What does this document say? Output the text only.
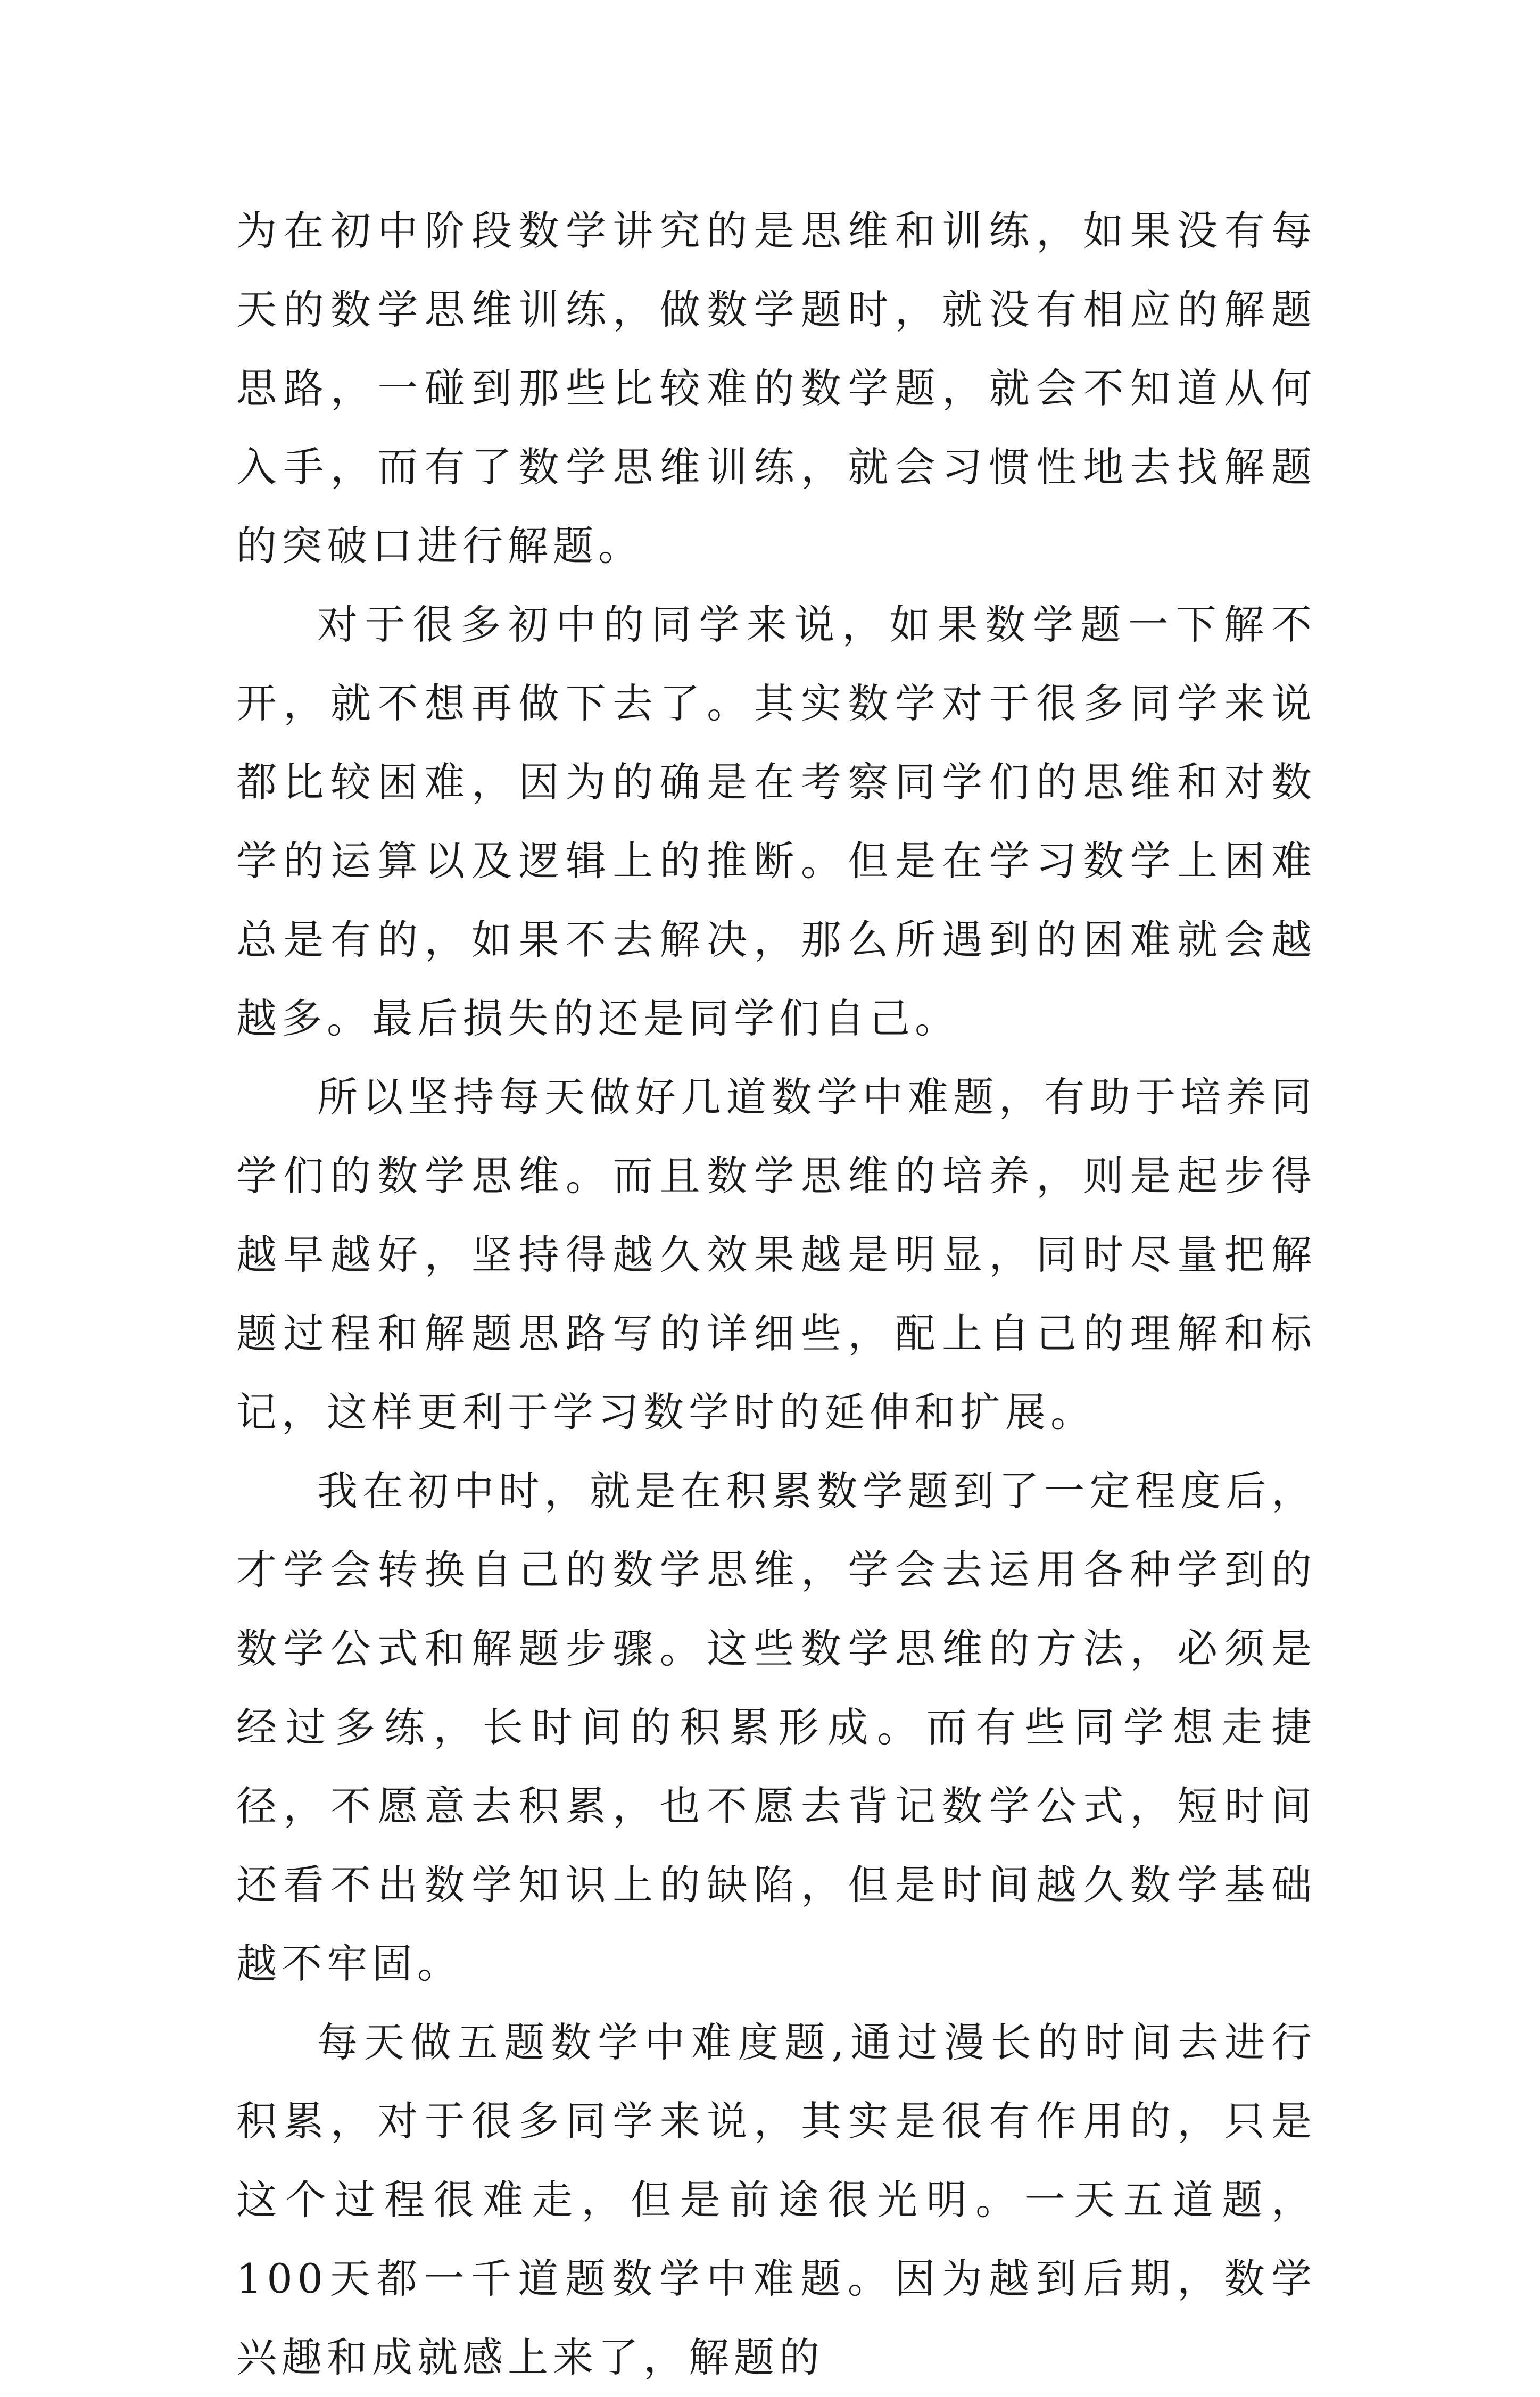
为在初中阶段数学讲究的是思维和训练，如果没有每天的数学思维训练，做数学题时，就没有相应的解题思路，一碰到那些比较难的数学题，就会不知道从何入手，而有了数学思维训练，就会习惯性地去找解题的突破口进行解题。

对于很多初中的同学来说，如果数学题一下解不开，就不想再做下去了。其实数学对于很多同学来说都比较困难，因为的确是在考察同学们的思维和对数学的运算以及逻辑上的推断。但是在学习数学上困难总是有的，如果不去解决，那么所遇到的困难就会越越多。最后损失的还是同学们自己。

所以坚持每天做好几道数学中难题，有助于培养同学们的数学思维。而且数学思维的培养，则是起步得越早越好，坚持得越久效果越是明显，同时尽量把解题过程和解题思路写的详细些，配上自己的理解和标记，这样更利于学习数学时的延伸和扩展。

我在初中时，就是在积累数学题到了一定程度后，才学会转换自己的数学思维，学会去运用各种学到的数学公式和解题步骤。这些数学思维的方法，必须是经过多练，长时间的积累形成。而有些同学想走捷径，不愿意去积累，也不愿去背记数学公式，短时间还看不出数学知识上的缺陷，但是时间越久数学基础越不牢固。

每天做五题数学中难度题,通过漫长的时间去进行积累，对于很多同学来说，其实是很有作用的，只是这个过程很难走，但是前途很光明。一天五道题，100天都一千道题数学中难题。因为越到后期，数学兴趣和成就感上来了，解题的
